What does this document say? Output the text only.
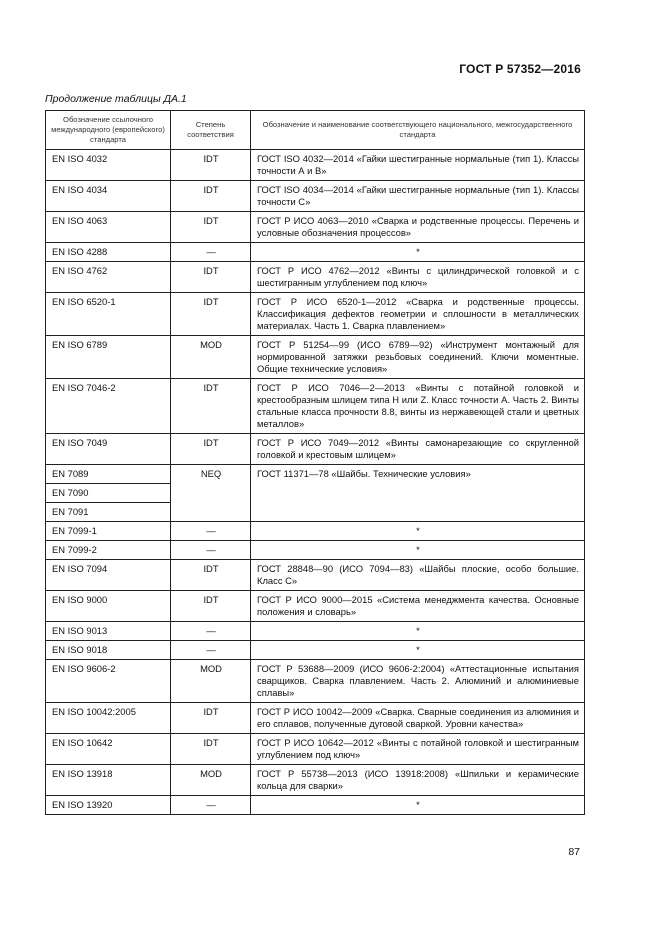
ГОСТ Р 57352—2016
Продолжение таблицы ДА.1
Обозначение ссылочного международного (европейского) стандарта	Степень соответствия	Обозначение и наименование соответствующего национального, межгосударственного стандарта
EN ISO 4032	IDT	ГОСТ ISO 4032—2014 «Гайки шестигранные нормальные (тип 1). Классы точности А и В»
EN ISO 4034	IDT	ГОСТ ISO 4034—2014 «Гайки шестигранные нормальные (тип 1). Классы точности С»
EN ISO 4063	IDT	ГОСТ Р ИСО 4063—2010 «Сварка и родственные процессы. Перечень и условные обозначения процессов»
EN ISO 4288	—	*
EN ISO 4762	IDT	ГОСТ Р ИСО 4762—2012 «Винты с цилиндрической головкой и с шестигранным углублением под ключ»
EN ISO 6520-1	IDT	ГОСТ Р ИСО 6520-1—2012 «Сварка и родственные процессы. Классификация дефектов геометрии и сплошности в металлических материалах. Часть 1. Сварка плавлением»
EN ISO 6789	MOD	ГОСТ Р 51254—99 (ИСО 6789—92) «Инструмент монтажный для нормированной затяжки резьбовых соединений. Ключи моментные. Общие технические условия»
EN ISO 7046-2	IDT	ГОСТ Р ИСО 7046—2—2013 «Винты с потайной головкой и крестообразным шлицем типа Н или Z. Класс точности А. Часть 2. Винты стальные класса прочности 8.8, винты из нержавеющей стали и цветных металлов»
EN ISO 7049	IDT	ГОСТ Р ИСО 7049—2012 «Винты самонарезающие со скругленной головкой и крестовым шлицем»
EN 7089	NEQ	ГОСТ 11371—78 «Шайбы. Технические условия»
EN 7090		
EN 7091		
EN 7099-1	—	*
EN 7099-2	—	*
EN ISO 7094	IDT	ГОСТ 28848—90 (ИСО 7094—83) «Шайбы плоские, особо большие. Класс С»
EN ISO 9000	IDT	ГОСТ Р ИСО 9000—2015 «Система менеджмента качества. Основные положения и словарь»
EN ISO 9013	—	*
EN ISO 9018	—	*
EN ISO 9606-2	MOD	ГОСТ Р 53688—2009 (ИСО 9606-2:2004) «Аттестационные испытания сварщиков. Сварка плавлением. Часть 2. Алюминий и алюминиевые сплавы»
EN ISO 10042:2005	IDT	ГОСТ Р ИСО 10042—2009 «Сварка. Сварные соединения из алюминия и его сплавов, полученные дуговой сваркой. Уровни качества»
EN ISO 10642	IDT	ГОСТ Р ИСО 10642—2012 «Винты с потайной головкой и шестигранным углублением под ключ»
EN ISO 13918	MOD	ГОСТ Р 55738—2013 (ИСО 13918:2008) «Шпильки и керамические кольца для сварки»
EN ISO 13920	—	*
87
